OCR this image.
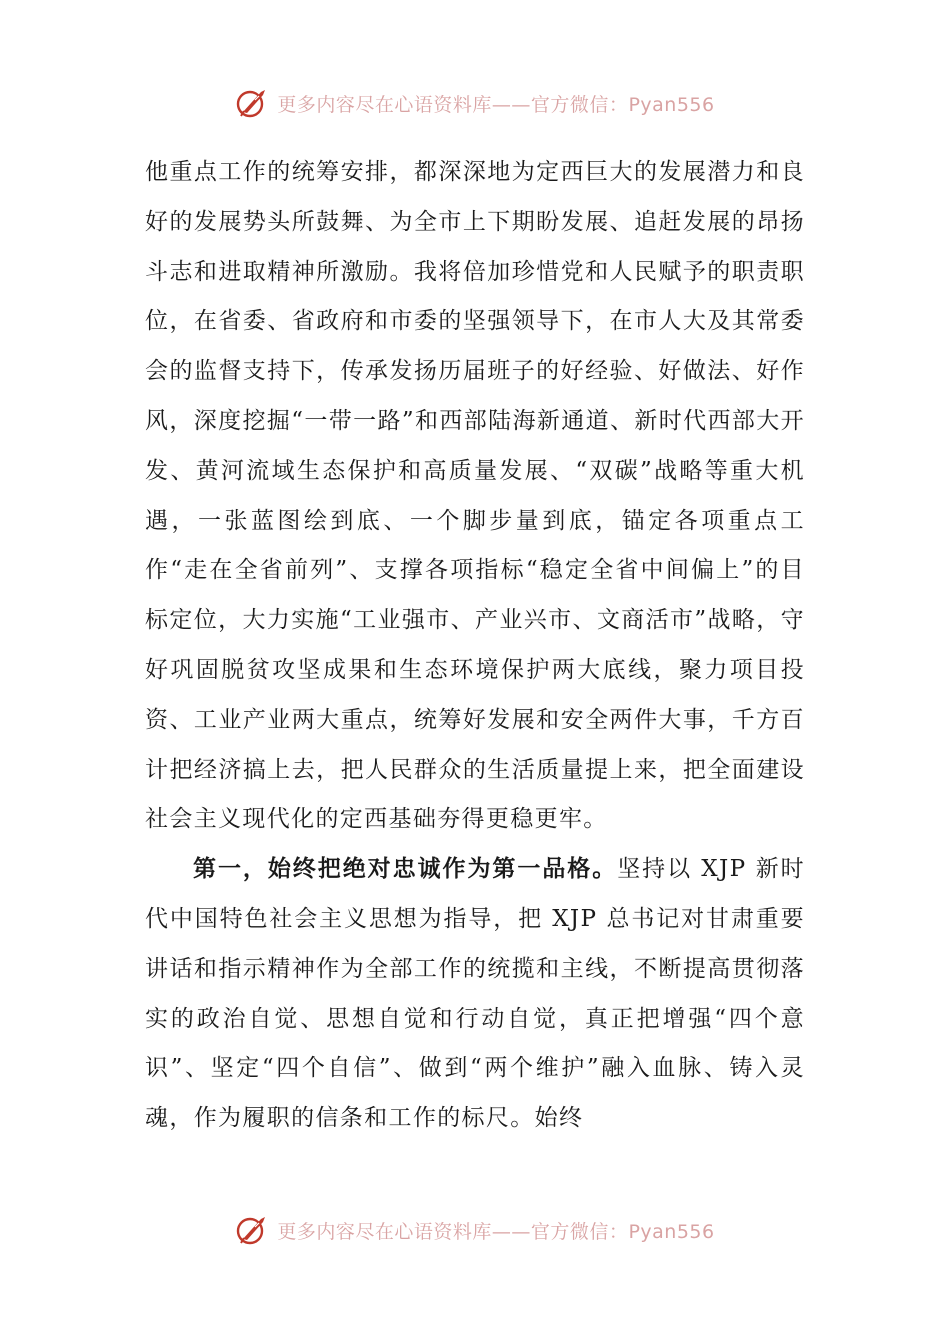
更多内容尽在心语资料库——官方微信：Pyan556

他重点工作的统筹安排，都深深地为定西巨大的发展潜力和良好的发展势头所鼓舞、为全市上下期盼发展、追赶发展的昂扬斗志和进取精神所激励。我将倍加珍惜党和人民赋予的职责职位，在省委、省政府和市委的坚强领导下，在市人大及其常委会的监督支持下，传承发扬历届班子的好经验、好做法、好作风，深度挖掘“一带一路”和西部陆海新通道、新时代西部大开发、黄河流域生态保护和高质量发展、“双碳”战略等重大机遇，一张蓝图绘到底、一个脚步量到底，锚定各项重点工作“走在全省前列”、支撑各项指标“稳定全省中间偏上”的目标定位，大力实施“工业强市、产业兴市、文商活市”战略，守好巩固脱贫攻坚成果和生态环境保护两大底线，聚力项目投资、工业产业两大重点，统筹好发展和安全两件大事，千方百计把经济搞上去，把人民群众的生活质量提上来，把全面建设社会主义现代化的定西基础夯得更稳更牢。

第一，始终把绝对忠诚作为第一品格。坚持以 XJP 新时代中国特色社会主义思想为指导，把 XJP 总书记对甘肃重要讲话和指示精神作为全部工作的统揽和主线，不断提高贯彻落实的政治自觉、思想自觉和行动自觉，真正把增强“四个意识”、坚定“四个自信”、做到“两个维护”融入血脉、铸入灵魂，作为履职的信条和工作的标尺。始终

更多内容尽在心语资料库——官方微信：Pyan556
